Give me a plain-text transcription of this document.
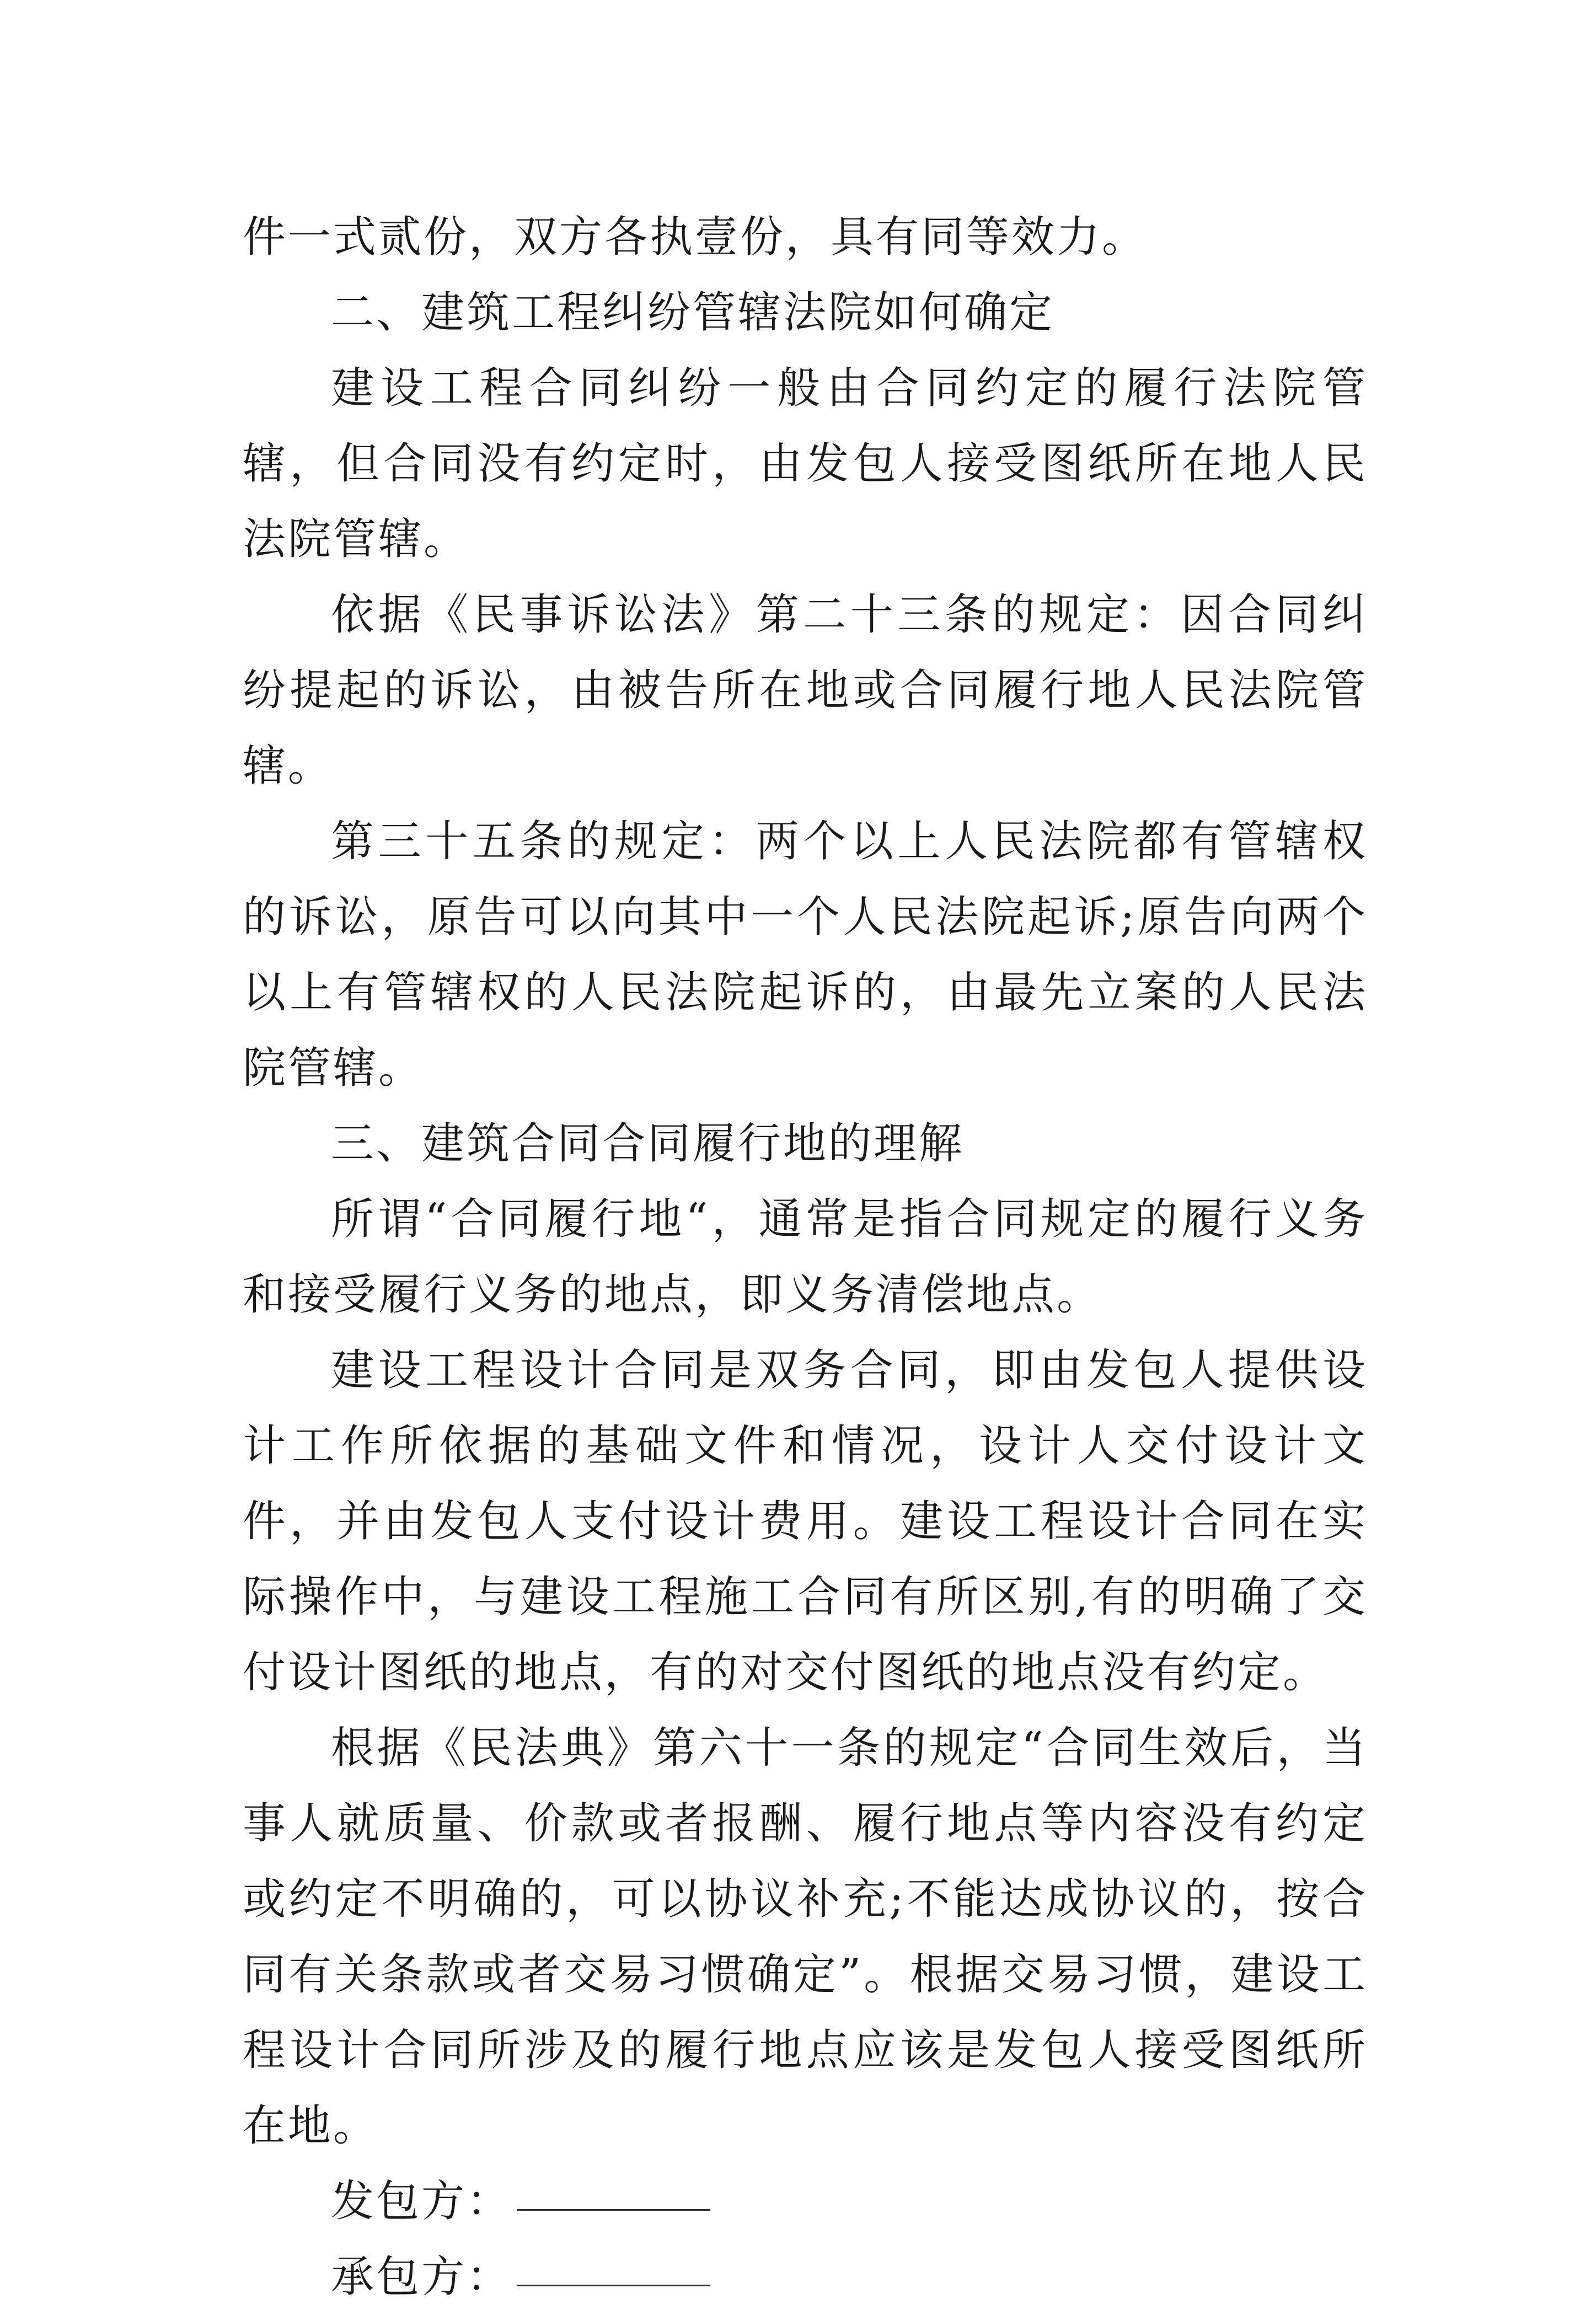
件一式贰份，双方各执壹份，具有同等效力。

二、建筑工程纠纷管辖法院如何确定

建设工程合同纠纷一般由合同约定的履行法院管辖，但合同没有约定时，由发包人接受图纸所在地人民法院管辖。

依据《民事诉讼法》第二十三条的规定：因合同纠纷提起的诉讼，由被告所在地或合同履行地人民法院管辖。

第三十五条的规定：两个以上人民法院都有管辖权的诉讼，原告可以向其中一个人民法院起诉;原告向两个以上有管辖权的人民法院起诉的，由最先立案的人民法院管辖。

三、建筑合同合同履行地的理解

所谓“合同履行地“，通常是指合同规定的履行义务和接受履行义务的地点，即义务清偿地点。

建设工程设计合同是双务合同，即由发包人提供设计工作所依据的基础文件和情况，设计人交付设计文件，并由发包人支付设计费用。建设工程设计合同在实际操作中，与建设工程施工合同有所区别,有的明确了交付设计图纸的地点，有的对交付图纸的地点没有约定。

根据《民法典》第六十一条的规定“合同生效后，当事人就质量、价款或者报酬、履行地点等内容没有约定或约定不明确的，可以协议补充;不能达成协议的，按合同有关条款或者交易习惯确定”。根据交易习惯，建设工程设计合同所涉及的履行地点应该是发包人接受图纸所在地。

发包方：

承包方：
